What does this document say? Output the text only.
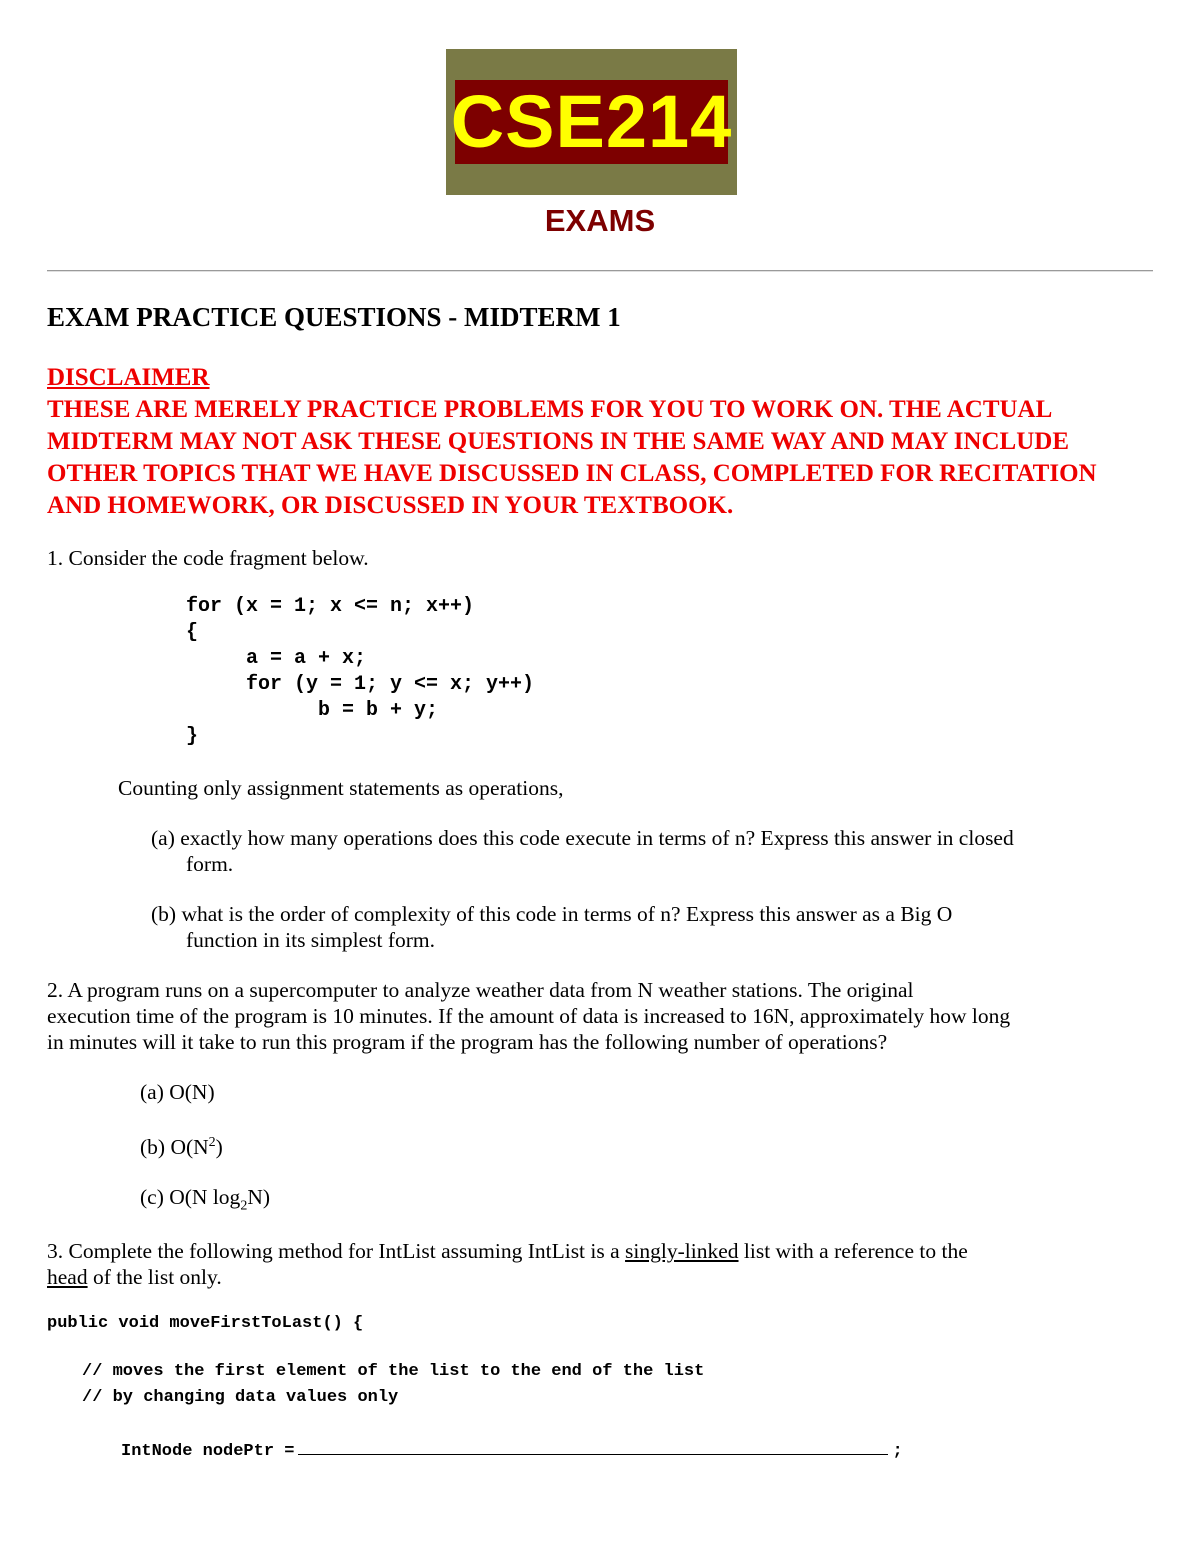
CSE214
EXAMS
EXAM PRACTICE QUESTIONS - MIDTERM 1
DISCLAIMER
THESE ARE MERELY PRACTICE PROBLEMS FOR YOU TO WORK ON. THE ACTUAL
MIDTERM MAY NOT ASK THESE QUESTIONS IN THE SAME WAY AND MAY INCLUDE
OTHER TOPICS THAT WE HAVE DISCUSSED IN CLASS, COMPLETED FOR RECITATION
AND HOMEWORK, OR DISCUSSED IN YOUR TEXTBOOK.
1. Consider the code fragment below.
for (x = 1; x <= n; x++)
{
a = a + x;
for (y = 1; y <= x; y++)
b = b + y;
}
Counting only assignment statements as operations,
(a) exactly how many operations does this code execute in terms of n? Express this answer in closed
form.
(b) what is the order of complexity of this code in terms of n? Express this answer as a Big O
function in its simplest form.
2. A program runs on a supercomputer to analyze weather data from N weather stations. The original
execution time of the program is 10 minutes. If the amount of data is increased to 16N, approximately how long
in minutes will it take to run this program if the program has the following number of operations?
(a) O(N)
(b) $O(N^2)$
(c) O(N $\log_2N$)
3. Complete the following method for IntList assuming IntList is a singly-linked list with a reference to the
head of the list only.
public void moveFirstToLast() {
// moves the first element of the list to the end of the list
// by changing data values only
IntNode nodePtr =	;
